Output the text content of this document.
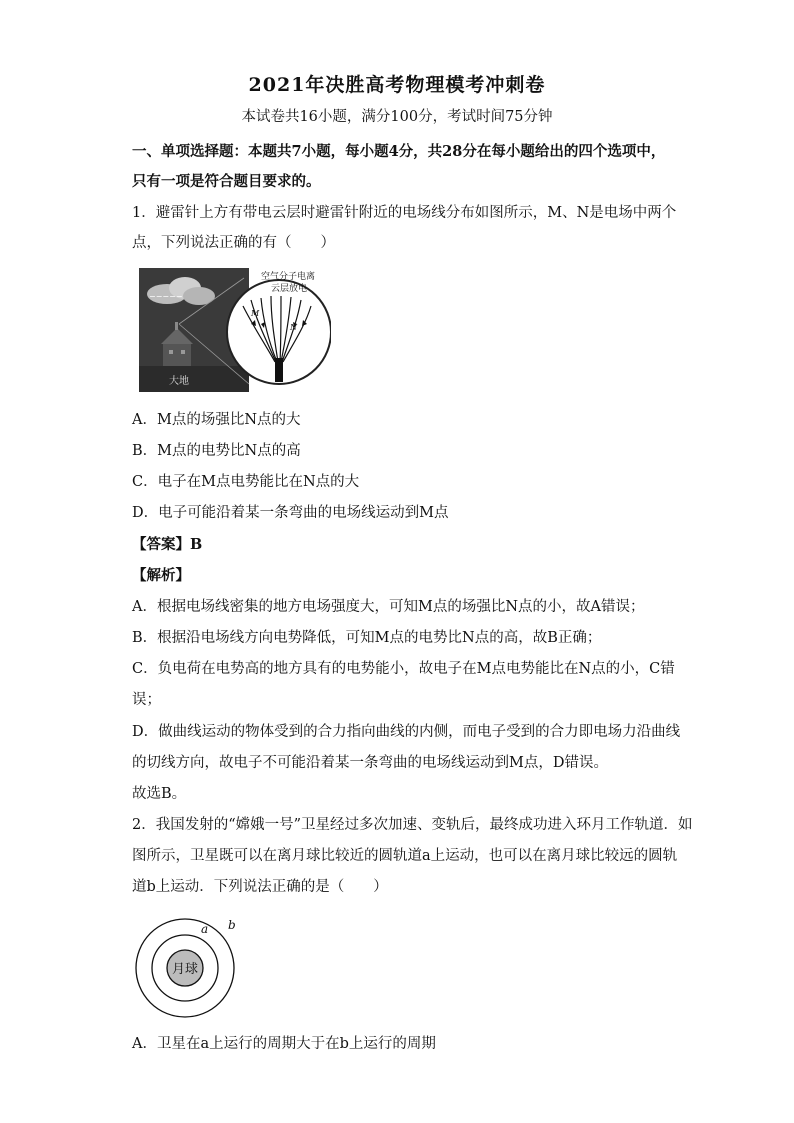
2021年决胜高考物理模考冲刺卷
本试卷共16小题，满分100分，考试时间75分钟
一、单项选择题：本题共7小题，每小题4分，共28分在每小题给出的四个选项中，
只有一项是符合题目要求的。
1．避雷针上方有带电云层时避雷针附近的电场线分布如图所示，M、N是电场中两个
点，下列说法正确的有（　　）
−−−−−
大地
空气分子电离
云层放电
M
N
A．M点的场强比N点的大
B．M点的电势比N点的高
C．电子在M点电势能比在N点的大
D．电子可能沿着某一条弯曲的电场线运动到M点
【答案】B
【解析】
A．根据电场线密集的地方电场强度大，可知M点的场强比N点的小，故A错误；
B．根据沿电场线方向电势降低，可知M点的电势比N点的高，故B正确；
C．负电荷在电势高的地方具有的电势能小，故电子在M点电势能比在N点的小，C错
误；
D．做曲线运动的物体受到的合力指向曲线的内侧，而电子受到的合力即电场力沿曲线
的切线方向，故电子不可能沿着某一条弯曲的电场线运动到M点，D错误。
故选B。
2．我国发射的“嫦娥一号”卫星经过多次加速、变轨后，最终成功进入环月工作轨道．如
图所示，卫星既可以在离月球比较近的圆轨道a上运动，也可以在离月球比较远的圆轨
道b上运动．下列说法正确的是（　　）
月球
a b
A．卫星在a上运行的周期大于在b上运行的周期
